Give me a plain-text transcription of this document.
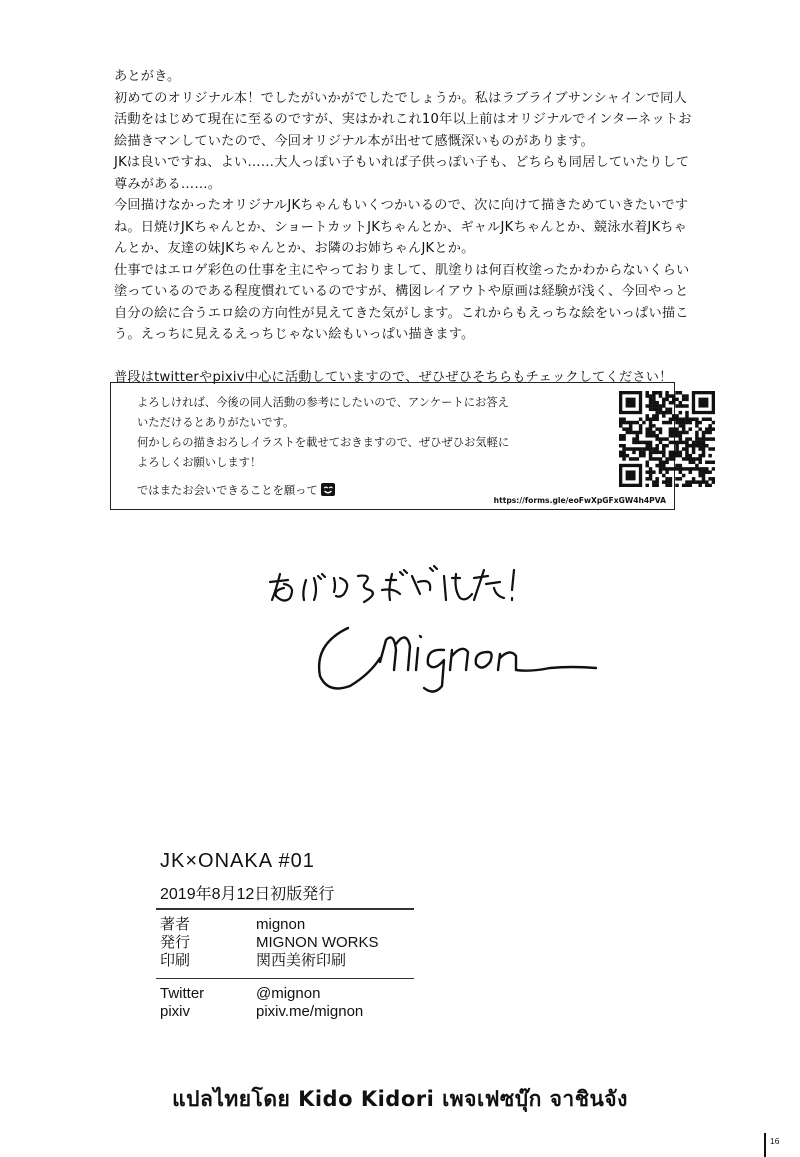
あとがき。

初めてのオリジナル本！でしたがいかがでしたでしょうか。私はラブライブサンシャインで同人

活動をはじめて現在に至るのですが、実はかれこれ10年以上前はオリジナルでインターネットお

絵描きマンしていたので、今回オリジナル本が出せて感慨深いものがあります。

JKは良いですね、よい……大人っぽい子もいれば子供っぽい子も、どちらも同居していたりして

尊みがある……。

今回描けなかったオリジナルJKちゃんもいくつかいるので、次に向けて描きためていきたいです

ね。日焼けJKちゃんとか、ショートカットJKちゃんとか、ギャルJKちゃんとか、競泳水着JKちゃ

んとか、友達の妹JKちゃんとか、お隣のお姉ちゃんJKとか。

仕事ではエロゲ彩色の仕事を主にやっておりまして、肌塗りは何百枚塗ったかわからないくらい

塗っているのである程度慣れているのですが、構図レイアウトや原画は経験が浅く、今回やっと

自分の絵に合うエロ絵の方向性が見えてきた気がします。これからもえっちな絵をいっぱい描こ

う。えっちに見えるえっちじゃない絵もいっぱい描きます。

普段はtwitterやpixiv中心に活動していますので、ぜひぜひそちらもチェックしてください！

よろしければ、今後の同人活動の参考にしたいので、アンケートにお答え

いただけるとありがたいです。

何かしらの描きおろしイラストを載せておきますので、ぜひぜひお気軽に

よろしくお願いします！

ではまたお会いできることを願って

https://forms.gle/eoFwXpGFxGW4h4PVA

JK×ONAKA #01

2019年8月12日初版発行
著者	mignon
発行	MIGNON WORKS
印刷	関西美術印刷
Twitter	@mignon
pixiv	pixiv.me/mignon
แปลไทยโดย Kido Kidori เพจเฟซบุ๊ก จาชินจัง
16
